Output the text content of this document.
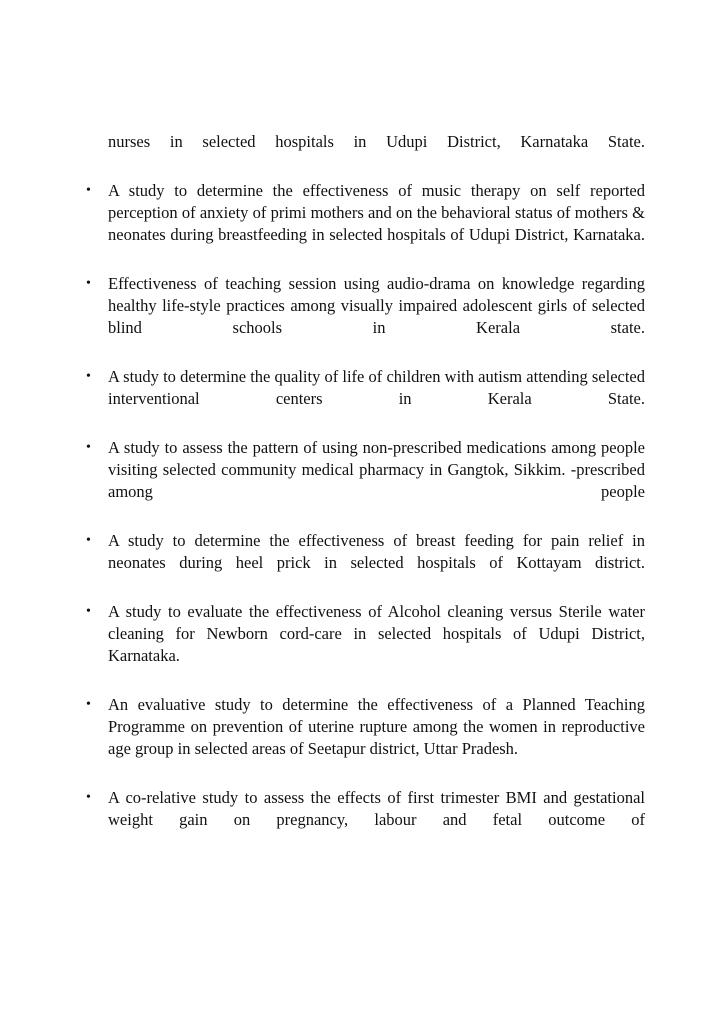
nurses in selected hospitals in Udupi District, Karnataka State.

• A study to determine the effectiveness of music therapy on self reported perception of anxiety of primi mothers and on the behavioral status of mothers & neonates during breastfeeding in selected hospitals of Udupi District, Karnataka.
• Effectiveness of teaching session using audio-drama on knowledge regarding healthy life-style practices among visually impaired adolescent girls of selected blind schools in Kerala state.
• A study to determine the quality of life of children with autism attending selected interventional centers in Kerala State.
• A study to assess the pattern of using non-prescribed medications among people visiting selected community medical pharmacy in Gangtok, Sikkim. -prescribed among people
• A study to determine the effectiveness of breast feeding for pain relief in neonates during heel prick in selected hospitals of Kottayam district.
• A study to evaluate the effectiveness of Alcohol cleaning versus Sterile water cleaning for Newborn cord-care in selected hospitals of Udupi District, Karnataka.
• An evaluative study to determine the effectiveness of a Planned Teaching Programme on prevention of uterine rupture among the women in reproductive age group in selected areas of Seetapur district, Uttar Pradesh.
• A co-relative study to assess the effects of first trimester BMI and gestational weight gain on pregnancy, labour and fetal outcome of
